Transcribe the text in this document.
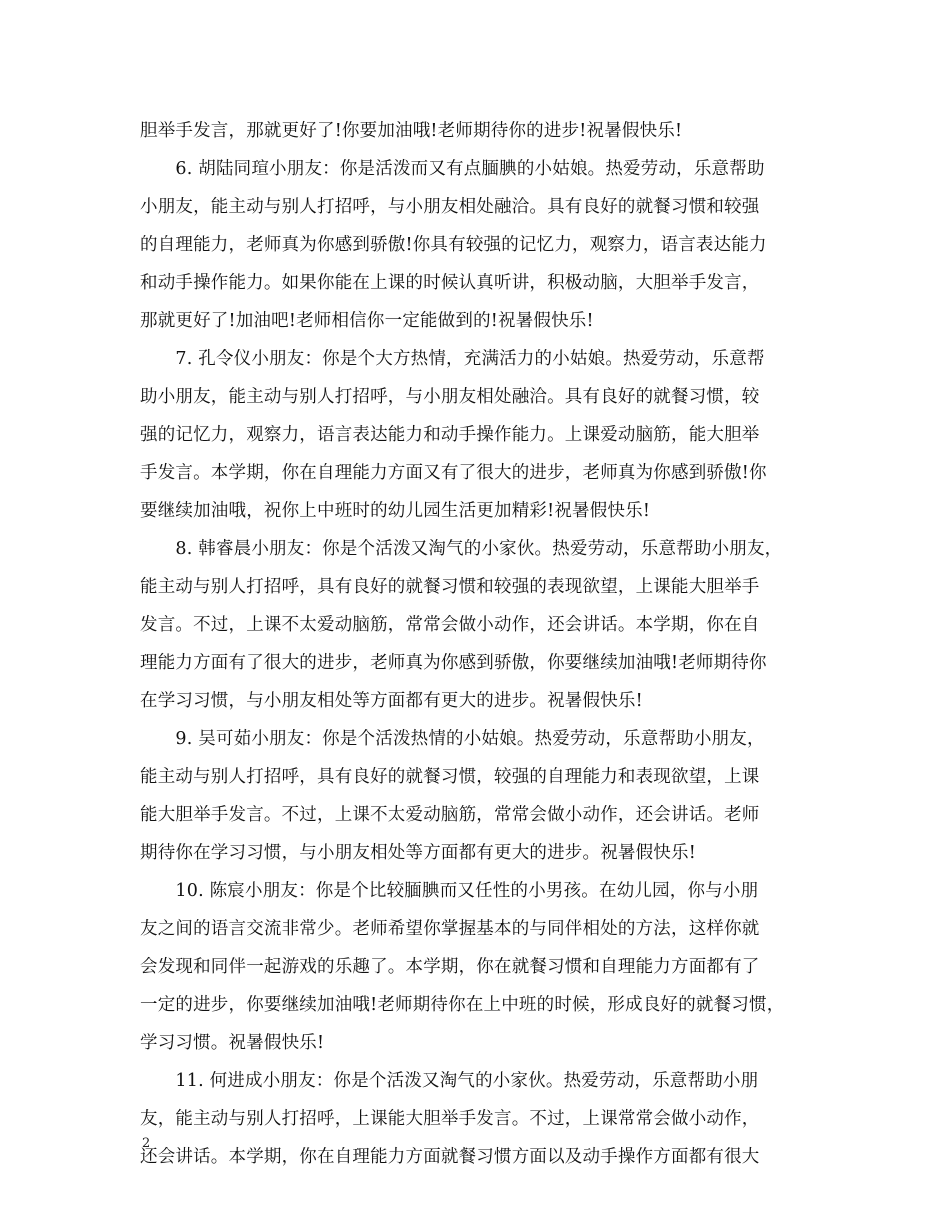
胆举手发言，那就更好了!你要加油哦!老师期待你的进步!祝暑假快乐!
　　6. 胡陆同瑄小朋友：你是活泼而又有点腼腆的小姑娘。热爱劳动，乐意帮助
小朋友，能主动与别人打招呼，与小朋友相处融洽。具有良好的就餐习惯和较强
的自理能力，老师真为你感到骄傲!你具有较强的记忆力，观察力，语言表达能力
和动手操作能力。如果你能在上课的时候认真听讲，积极动脑，大胆举手发言，
那就更好了!加油吧!老师相信你一定能做到的!祝暑假快乐!
　　7. 孔令仪小朋友：你是个大方热情，充满活力的小姑娘。热爱劳动，乐意帮
助小朋友，能主动与别人打招呼，与小朋友相处融洽。具有良好的就餐习惯，较
强的记忆力，观察力，语言表达能力和动手操作能力。上课爱动脑筋，能大胆举
手发言。本学期，你在自理能力方面又有了很大的进步，老师真为你感到骄傲!你
要继续加油哦，祝你上中班时的幼儿园生活更加精彩!祝暑假快乐!
　　8. 韩睿晨小朋友：你是个活泼又淘气的小家伙。热爱劳动，乐意帮助小朋友，
能主动与别人打招呼，具有良好的就餐习惯和较强的表现欲望，上课能大胆举手
发言。不过，上课不太爱动脑筋，常常会做小动作，还会讲话。本学期，你在自
理能力方面有了很大的进步，老师真为你感到骄傲，你要继续加油哦!老师期待你
在学习习惯，与小朋友相处等方面都有更大的进步。祝暑假快乐!
　　9. 吴可茹小朋友：你是个活泼热情的小姑娘。热爱劳动，乐意帮助小朋友，
能主动与别人打招呼，具有良好的就餐习惯，较强的自理能力和表现欲望，上课
能大胆举手发言。不过，上课不太爱动脑筋，常常会做小动作，还会讲话。老师
期待你在学习习惯，与小朋友相处等方面都有更大的进步。祝暑假快乐!
　　10. 陈宸小朋友：你是个比较腼腆而又任性的小男孩。在幼儿园，你与小朋
友之间的语言交流非常少。老师希望你掌握基本的与同伴相处的方法，这样你就
会发现和同伴一起游戏的乐趣了。本学期，你在就餐习惯和自理能力方面都有了
一定的进步，你要继续加油哦!老师期待你在上中班的时候，形成良好的就餐习惯，
学习习惯。祝暑假快乐!
　　11. 何进成小朋友：你是个活泼又淘气的小家伙。热爱劳动，乐意帮助小朋
友，能主动与别人打招呼，上课能大胆举手发言。不过，上课常常会做小动作，
还会讲话。本学期，你在自理能力方面就餐习惯方面以及动手操作方面都有很大
2
